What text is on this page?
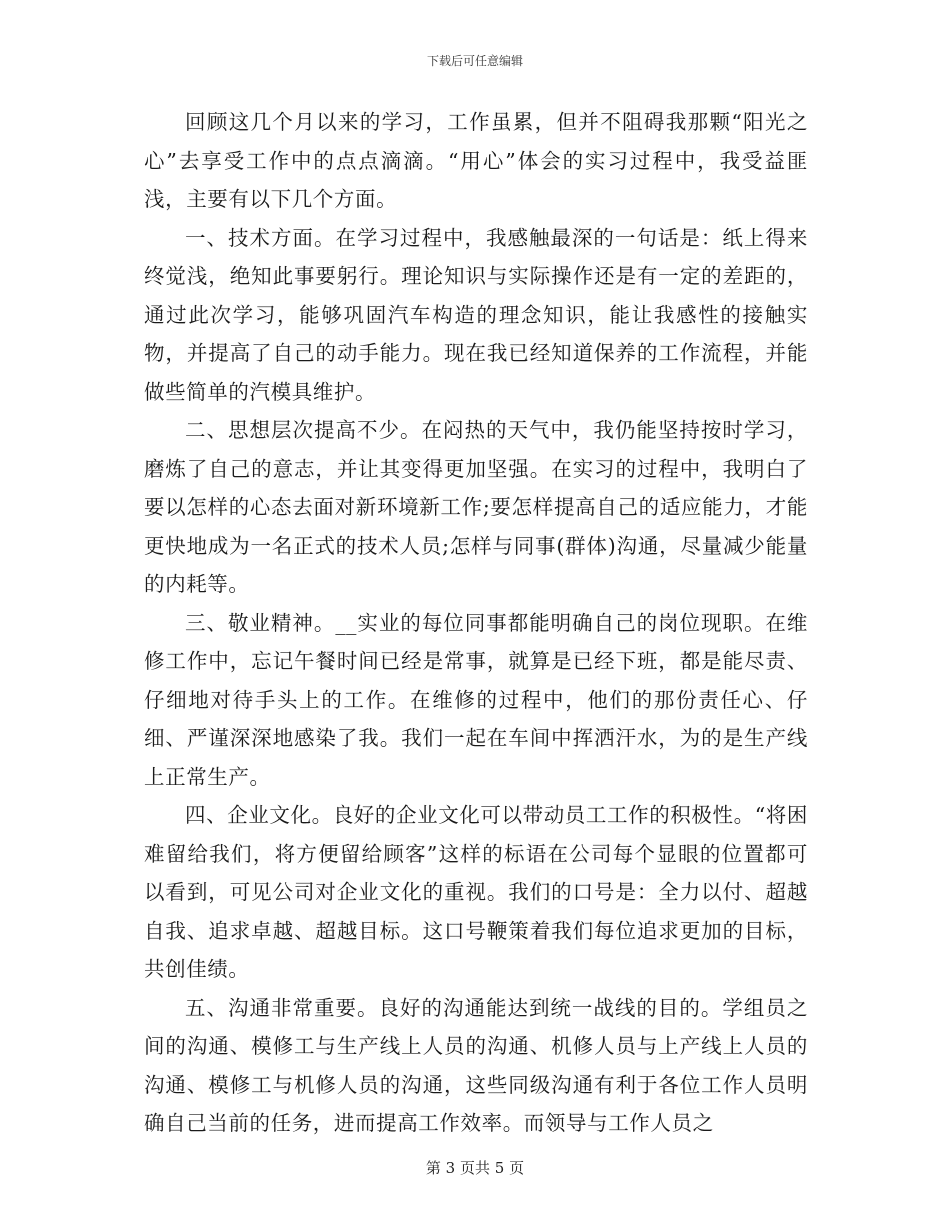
下载后可任意编辑

回顾这几个月以来的学习，工作虽累，但并不阻碍我那颗“阳光之心”去享受工作中的点点滴滴。“用心”体会的实习过程中，我受益匪浅，主要有以下几个方面。

一、技术方面。在学习过程中，我感触最深的一句话是：纸上得来终觉浅，绝知此事要躬行。理论知识与实际操作还是有一定的差距的，通过此次学习，能够巩固汽车构造的理念知识，能让我感性的接触实物，并提高了自己的动手能力。现在我已经知道保养的工作流程，并能做些简单的汽模具维护。

二、思想层次提高不少。在闷热的天气中，我仍能坚持按时学习，磨炼了自己的意志，并让其变得更加坚强。在实习的过程中，我明白了要以怎样的心态去面对新环境新工作;要怎样提高自己的适应能力，才能更快地成为一名正式的技术人员;怎样与同事(群体)沟通，尽量减少能量的内耗等。

三、敬业精神。__实业的每位同事都能明确自己的岗位现职。在维修工作中，忘记午餐时间已经是常事，就算是已经下班，都是能尽责、仔细地对待手头上的工作。在维修的过程中，他们的那份责任心、仔细、严谨深深地感染了我。我们一起在车间中挥洒汗水，为的是生产线上正常生产。

四、企业文化。良好的企业文化可以带动员工工作的积极性。“将困难留给我们，将方便留给顾客”这样的标语在公司每个显眼的位置都可以看到，可见公司对企业文化的重视。我们的口号是：全力以付、超越自我、追求卓越、超越目标。这口号鞭策着我们每位追求更加的目标，共创佳绩。

五、沟通非常重要。良好的沟通能达到统一战线的目的。学组员之间的沟通、模修工与生产线上人员的沟通、机修人员与上产线上人员的沟通、模修工与机修人员的沟通，这些同级沟通有利于各位工作人员明确自己当前的任务，进而提高工作效率。而领导与工作人员之

第 3 页共 5 页
